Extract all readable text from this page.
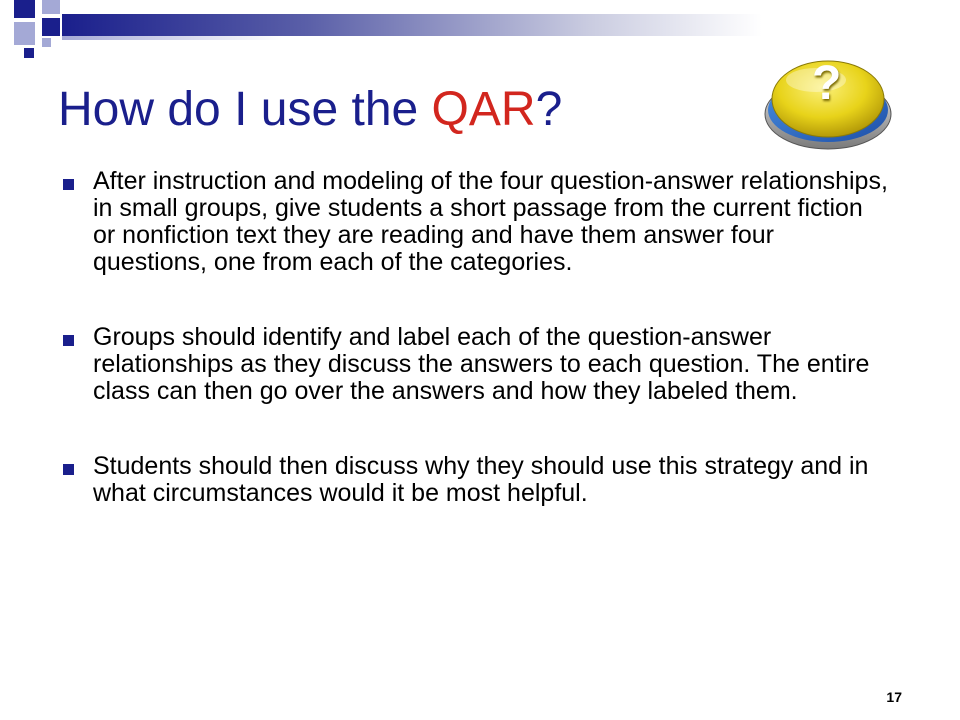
How do I use the QAR?	?
After instruction and modeling of the four question-answer relationships, in small groups, give students a short passage from the current fiction or nonfiction text they are reading and have them answer four questions, one from each of the categories.
Groups should identify and label each of the question-answer relationships as they discuss the answers to each question. The entire class can then go over the answers and how they labeled them.
Students should then discuss why they should use this strategy and in what circumstances would it be most helpful.
17
